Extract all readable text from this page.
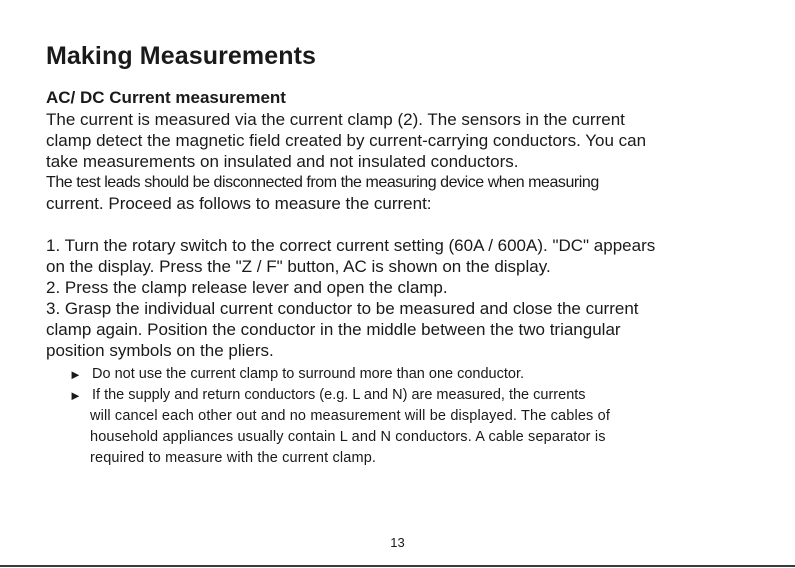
Making Measurements
AC/ DC Current measurement

The current is measured via the current clamp (2). The sensors in the current

clamp detect the magnetic field created by current-carrying conductors. You can

take measurements on insulated and not insulated conductors.

The test leads should be disconnected from the measuring device when measuring

current. Proceed as follows to measure the current:

1. Turn the rotary switch to the correct current setting (60A / 600A). "DC" appears

on the display. Press the "Z / F" button, AC is shown on the display.

2. Press the clamp release lever and open the clamp.

3. Grasp the individual current conductor to be measured and close the current

clamp again. Position the conductor in the middle between the two triangular

position symbols on the pliers.

► Do not use the current clamp to surround more than one conductor.
► If the supply and return conductors (e.g. L and N) are measured, the currents
will cancel each other out and no measurement will be displayed. The cables of
household appliances usually contain L and N conductors. A cable separator is
required to measure with the current clamp.
13
